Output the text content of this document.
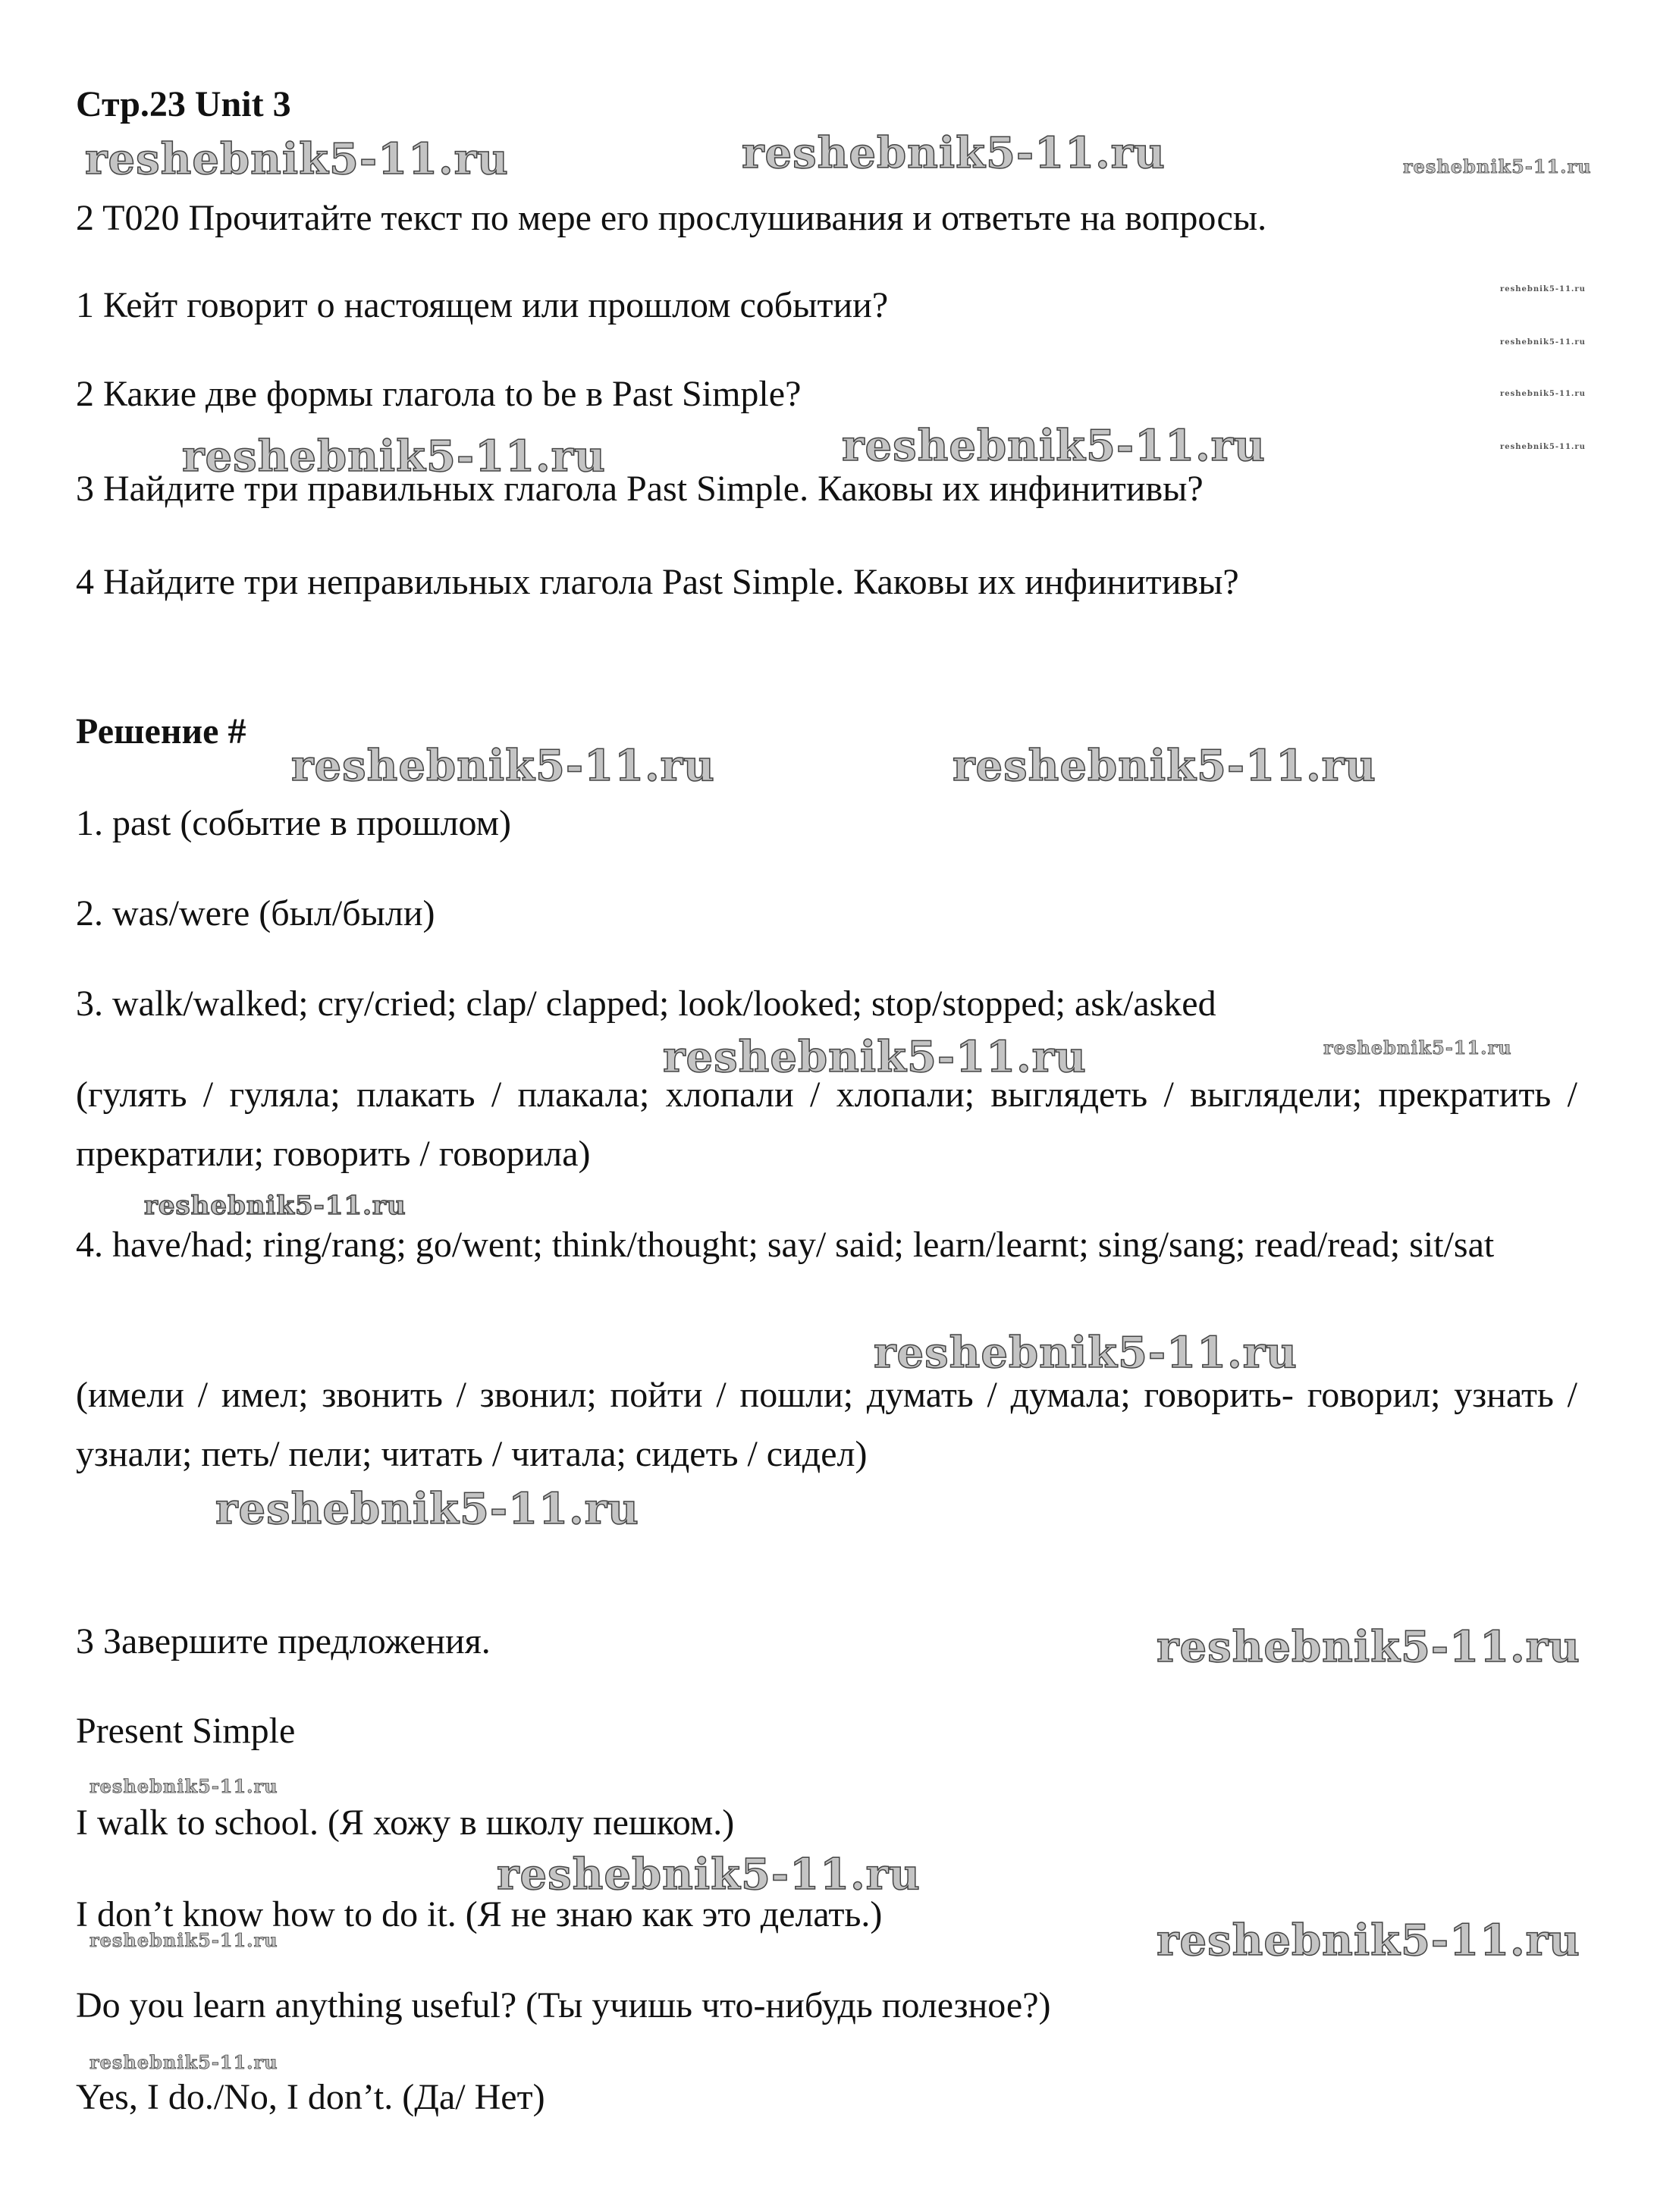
Стр.23 Unit 3
2 T020 Прочитайте текст по мере его прослушивания и ответьте на вопросы.
1 Кейт говорит о настоящем или прошлом событии?
2 Какие две формы глагола to be в Past Simple?
3 Найдите три правильных глагола Past Simple. Каковы их инфинитивы?
4 Найдите три неправильных глагола Past Simple. Каковы их инфинитивы?
Решение #
1. past (событие в прошлом)
2. was/were (был/были)
3. walk/walked; cry/cried; clap/ clapped; look/looked; stop/stopped; ask/asked
(гулять / гуляла; плакать / плакала; хлопали / хлопали; выглядеть / выглядели; прекратить / прекратили; говорить / говорила)
4. have/had; ring/rang; go/went; think/thought; say/ said; learn/learnt; sing/sang; read/read; sit/sat
(имели / имел; звонить / звонил; пойти / пошли; думать / думала; говорить- говорил; узнать / узнали; петь/ пели; читать / читала; сидеть / сидел)
3 Завершите предложения.
Present Simple
I walk to school. (Я хожу в школу пешком.)
I don’t know how to do it. (Я не знаю как это делать.)
Do you learn anything useful? (Ты учишь что-нибудь полезное?)
Yes, I do./No, I don’t. (Да/ Нет)
reshebnik5-11.ru	reshebnik5-11.ru	reshebnik5-11.ru
reshebnik5-11.ru
reshebnik5-11.ru
reshebnik5-11.ru
reshebnik5-11.ru
reshebnik5-11.ru	reshebnik5-11.ru
reshebnik5-11.ru	reshebnik5-11.ru
reshebnik5-11.ru	reshebnik5-11.ru
reshebnik5-11.ru
reshebnik5-11.ru
reshebnik5-11.ru
reshebnik5-11.ru
reshebnik5-11.ru
reshebnik5-11.ru
reshebnik5-11.ru	reshebnik5-11.ru
reshebnik5-11.ru
